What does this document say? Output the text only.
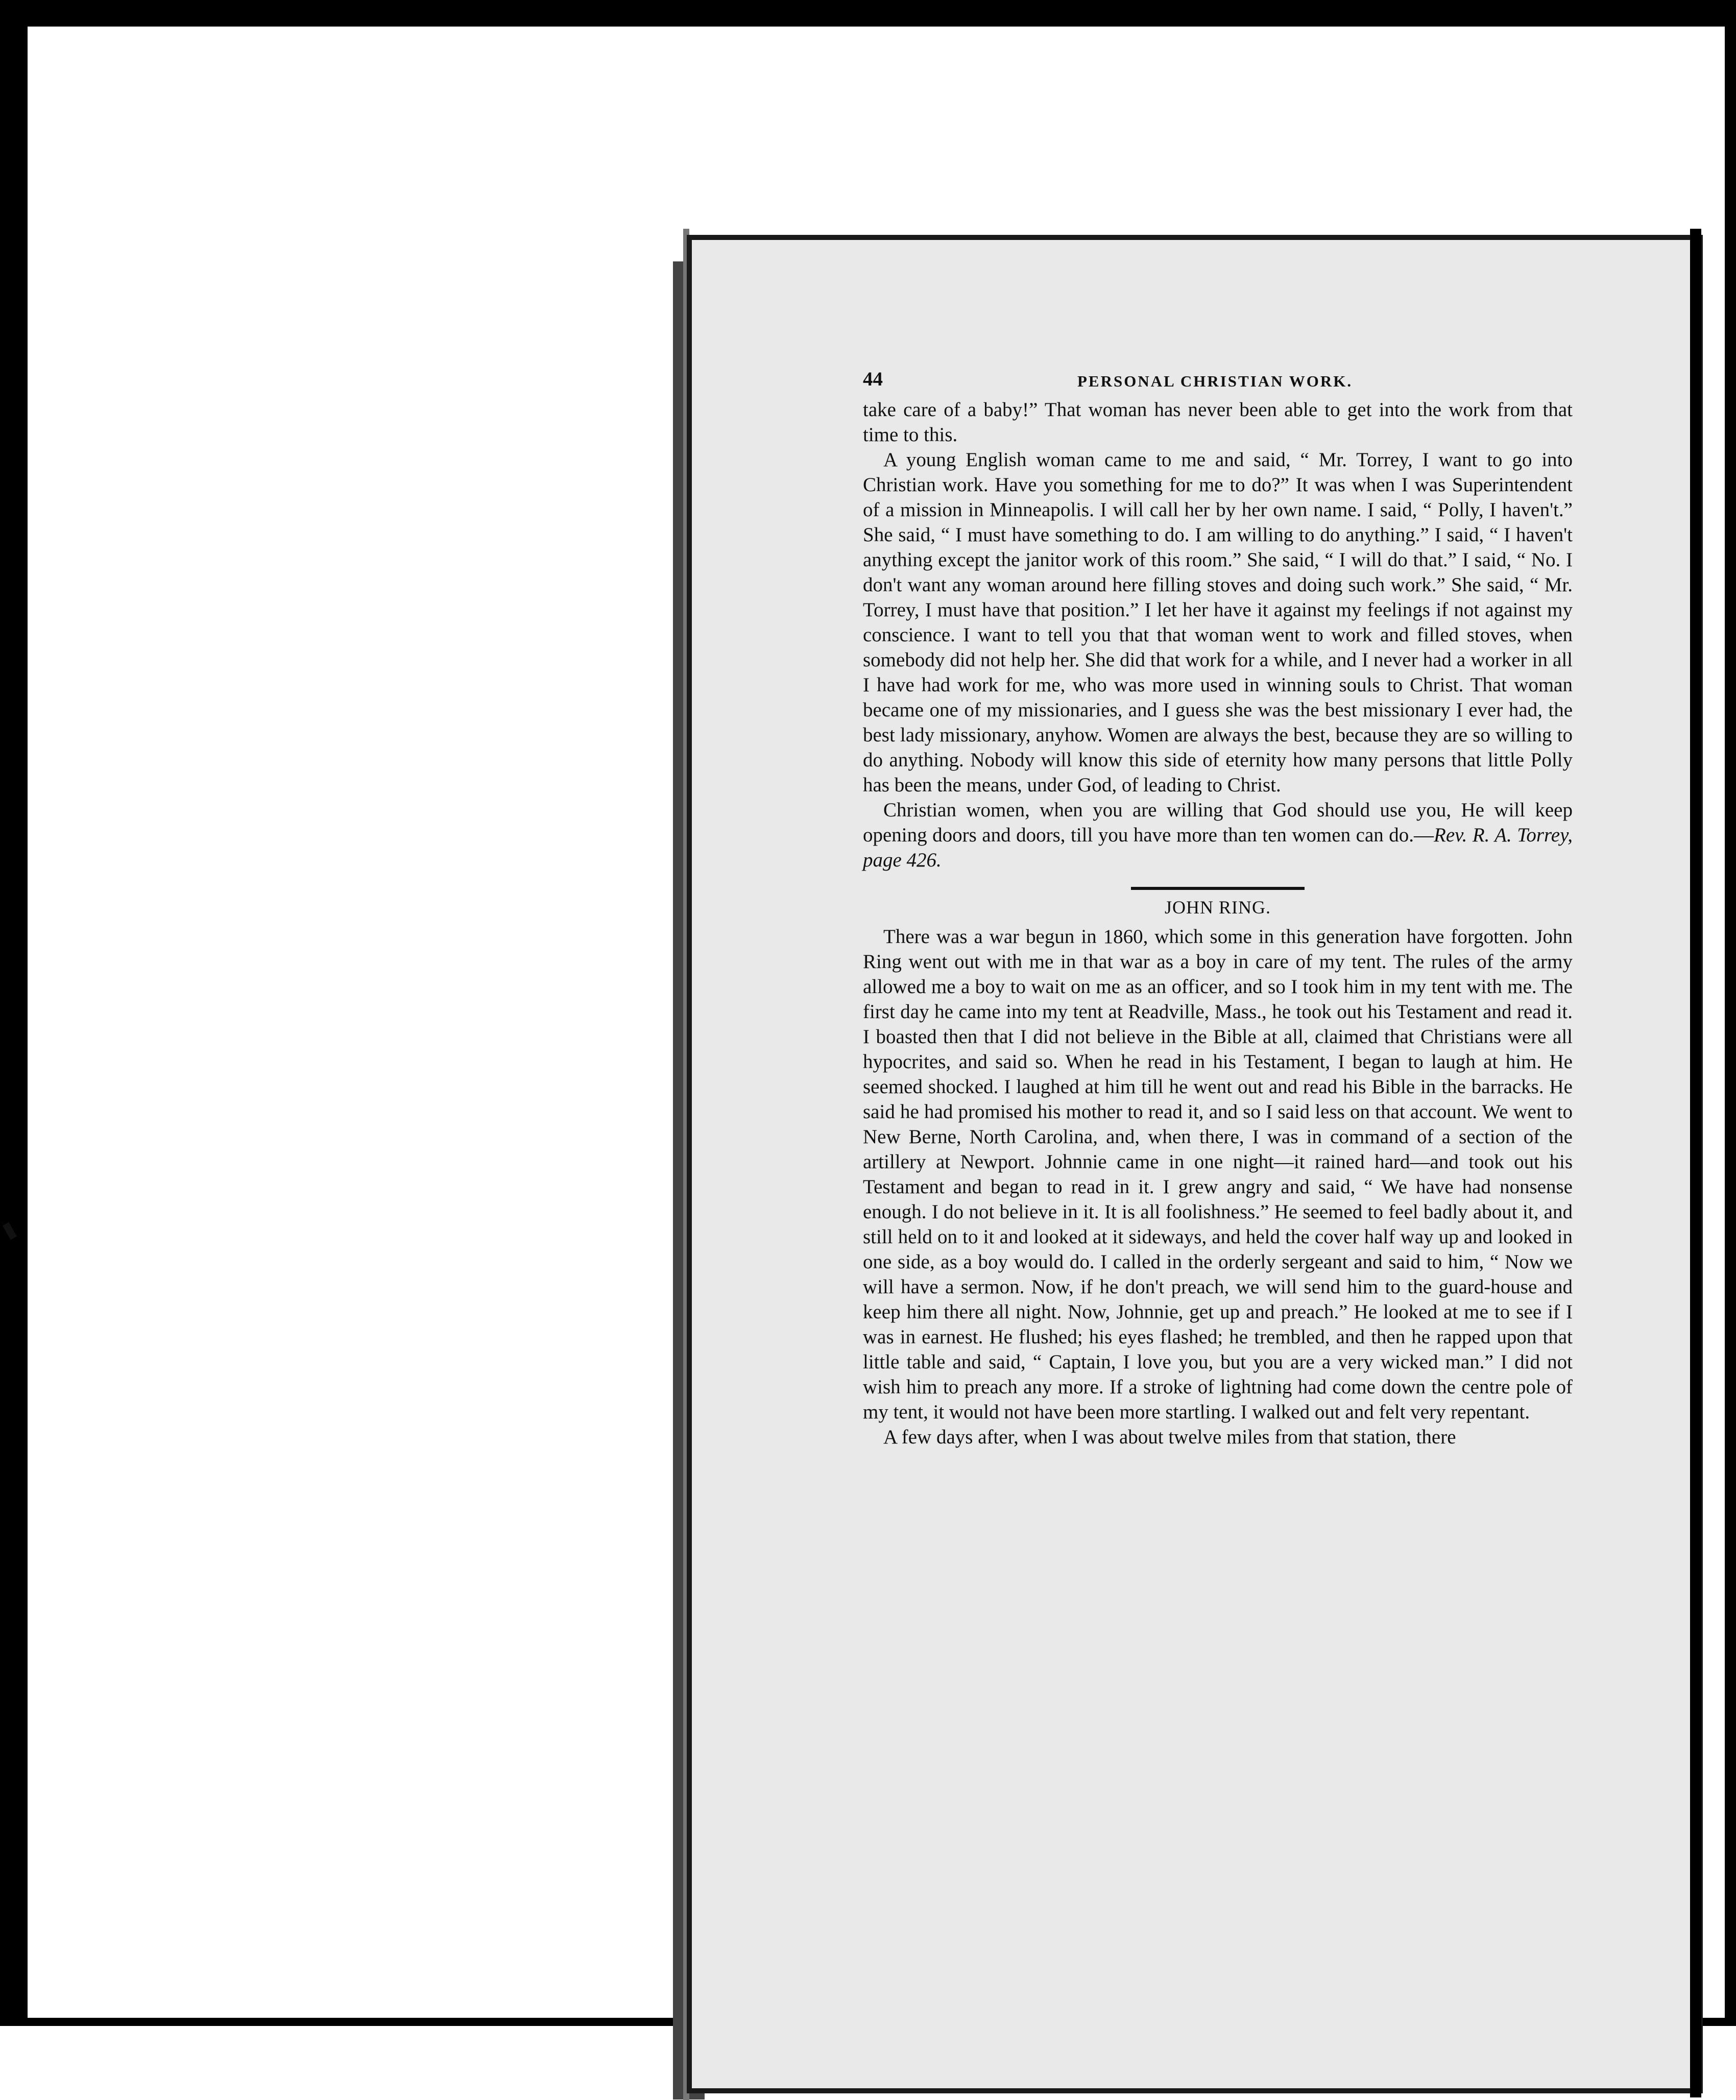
44	PERSONAL CHRISTIAN WORK.

take care of a baby!” That woman has never been able to get into the work from that time to this.

A young English woman came to me and said, “ Mr. Torrey, I want to go into Christian work. Have you something for me to do?” It was when I was Superintendent of a mission in Minneapolis. I will call her by her own name. I said, “ Polly, I haven't.” She said, “ I must have something to do. I am willing to do anything.” I said, “ I haven't anything except the janitor work of this room.” She said, “ I will do that.” I said, “ No. I don't want any woman around here filling stoves and doing such work.” She said, “ Mr. Torrey, I must have that position.” I let her have it against my feelings if not against my conscience. I want to tell you that that woman went to work and filled stoves, when somebody did not help her. She did that work for a while, and I never had a worker in all I have had work for me, who was more used in winning souls to Christ. That woman became one of my missionaries, and I guess she was the best missionary I ever had, the best lady missionary, anyhow. Women are always the best, because they are so willing to do anything. Nobody will know this side of eternity how many persons that little Polly has been the means, under God, of leading to Christ.

Christian women, when you are willing that God should use you, He will keep opening doors and doors, till you have more than ten women can do.—Rev. R. A. Torrey, page 426.

JOHN RING.

There was a war begun in 1860, which some in this generation have forgotten. John Ring went out with me in that war as a boy in care of my tent. The rules of the army allowed me a boy to wait on me as an officer, and so I took him in my tent with me. The first day he came into my tent at Readville, Mass., he took out his Testament and read it. I boasted then that I did not believe in the Bible at all, claimed that Christians were all hypocrites, and said so. When he read in his Testament, I began to laugh at him. He seemed shocked. I laughed at him till he went out and read his Bible in the barracks. He said he had promised his mother to read it, and so I said less on that account. We went to New Berne, North Carolina, and, when there, I was in command of a section of the artillery at Newport. Johnnie came in one night—it rained hard—and took out his Testament and began to read in it. I grew angry and said, “ We have had nonsense enough. I do not believe in it. It is all foolishness.” He seemed to feel badly about it, and still held on to it and looked at it sideways, and held the cover half way up and looked in one side, as a boy would do. I called in the orderly sergeant and said to him, “ Now we will have a sermon. Now, if he don't preach, we will send him to the guard-house and keep him there all night. Now, Johnnie, get up and preach.” He looked at me to see if I was in earnest. He flushed; his eyes flashed; he trembled, and then he rapped upon that little table and said, “ Captain, I love you, but you are a very wicked man.” I did not wish him to preach any more. If a stroke of lightning had come down the centre pole of my tent, it would not have been more startling. I walked out and felt very repentant.

A few days after, when I was about twelve miles from that station, there
